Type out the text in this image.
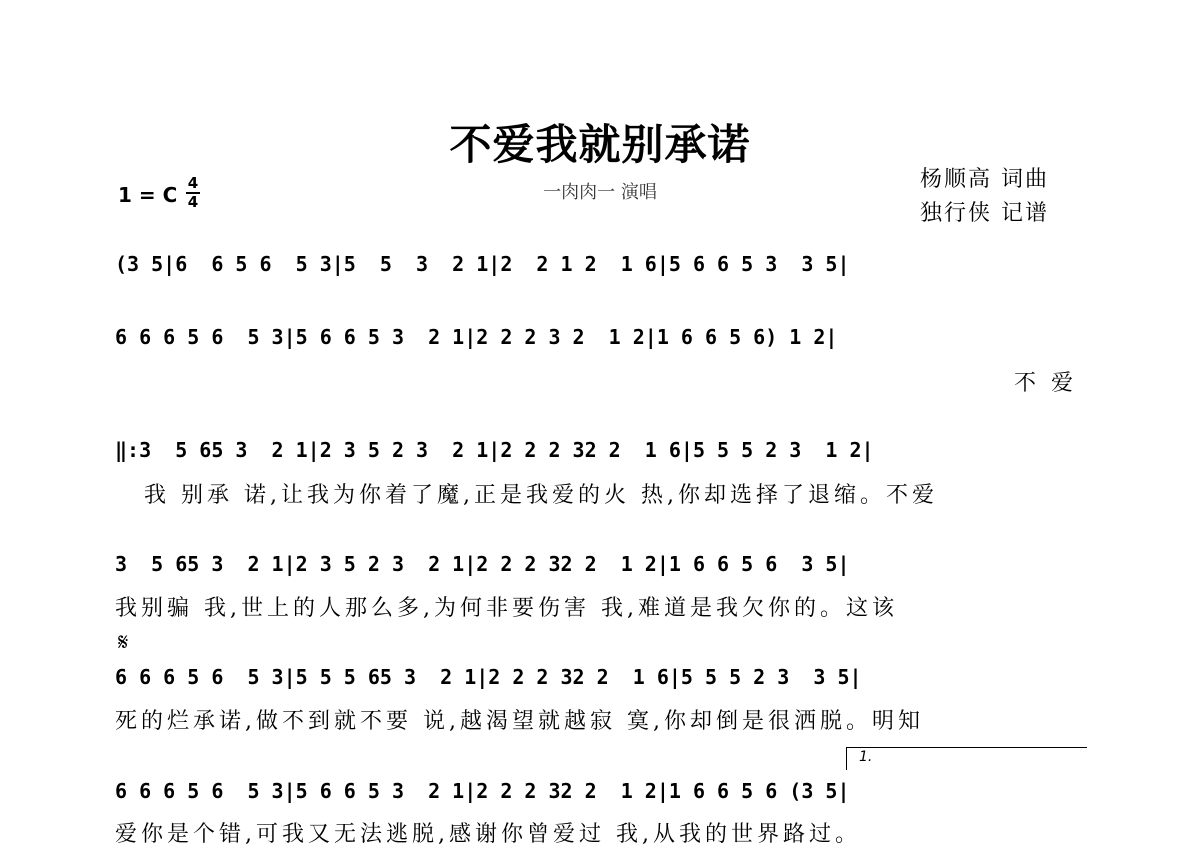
不爱我就别承诺
一肉肉一 演唱
杨顺高 词曲
独行侠 记谱
1 = C 4
4
(3 5|6  6 5 6  5 3|5  5  3  2 1|2  2 1 2  1 6|5 6 6 5 3  3 5|
6 6 6 5 6  5 3|5 6 6 5 3  2 1|2 2 2 3 2  1 2|1 6 6 5 6) 1 2|
不 爱
‖:3  5 65 3  2 1|2 3 5 2 3  2 1|2 2 2 32 2  1 6|5 5 5 2 3  1 2|
我 别承 诺,让我为你着了魔,正是我爱的火 热,你却选择了退缩。不爱
3  5 65 3  2 1|2 3 5 2 3  2 1|2 2 2 32 2  1 2|1 6 6 5 6  3 5|
我别骗 我,世上的人那么多,为何非要伤害 我,难道是我欠你的。这该
𝄋
6 6 6 5 6  5 3|5 5 5 65 3  2 1|2 2 2 32 2  1 6|5 5 5 2 3  3 5|
死的烂承诺,做不到就不要 说,越渴望就越寂 寞,你却倒是很洒脱。明知
1.
6 6 6 5 6  5 3|5 6 6 5 3  2 1|2 2 2 32 2  1 2|1 6 6 5 6 (3 5|
爱你是个错,可我又无法逃脱,感谢你曾爱过 我,从我的世界路过。
